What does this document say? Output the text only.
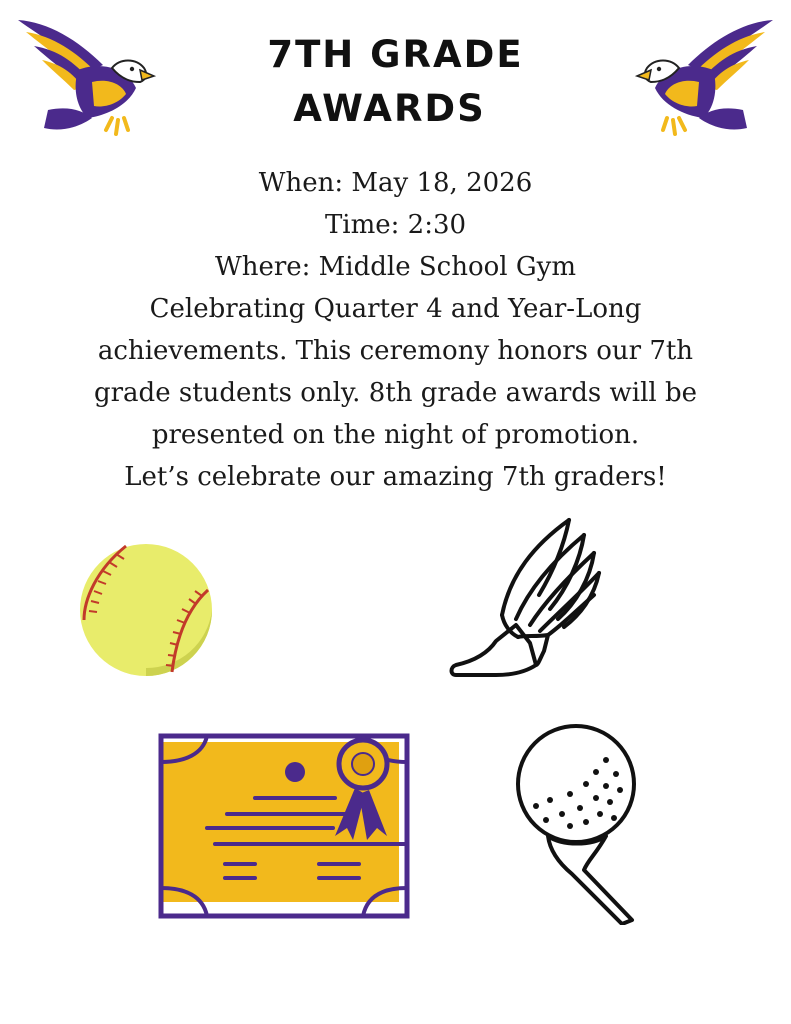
7TH GRADE
AWARDS

When: May 18, 2026

Time: 2:30

Where: Middle School Gym

Celebrating Quarter 4 and Year-Long

achievements. This ceremony honors our 7th

grade students only. 8th grade awards will be

presented on the night of promotion.

Let’s celebrate our amazing 7th graders!
